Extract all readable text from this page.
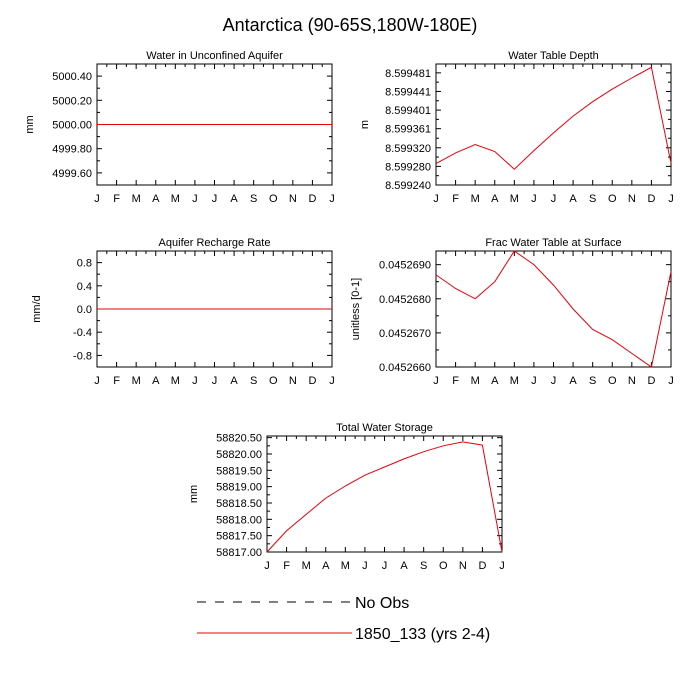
Antarctica (90-65S,180W-180E)
Water in Unconfined Aquifer
J F M A M J J A S O N D J
4999.60
4999.80
5000.00
5000.20
5000.40
mm
Water Table Depth
J F M A M J J A S O N D J
8.599240
8.599280
8.599320
8.599361
8.599401
8.599441
8.599481
m
Aquifer Recharge Rate
J F M A M J J A S O N D J
-0.8
-0.4
0.0
0.4
0.8
mm/d
Frac Water Table at Surface
J F M A M J J A S O N D J
0.0452660
0.0452670
0.0452680
0.0452690
unitless [0-1]
Total Water Storage
J F M A M J J A S O N D J
58817.00
58817.50
58818.00
58818.50
58819.00
58819.50
58820.00
58820.50
mm
No Obs
1850_133 (yrs 2-4)
